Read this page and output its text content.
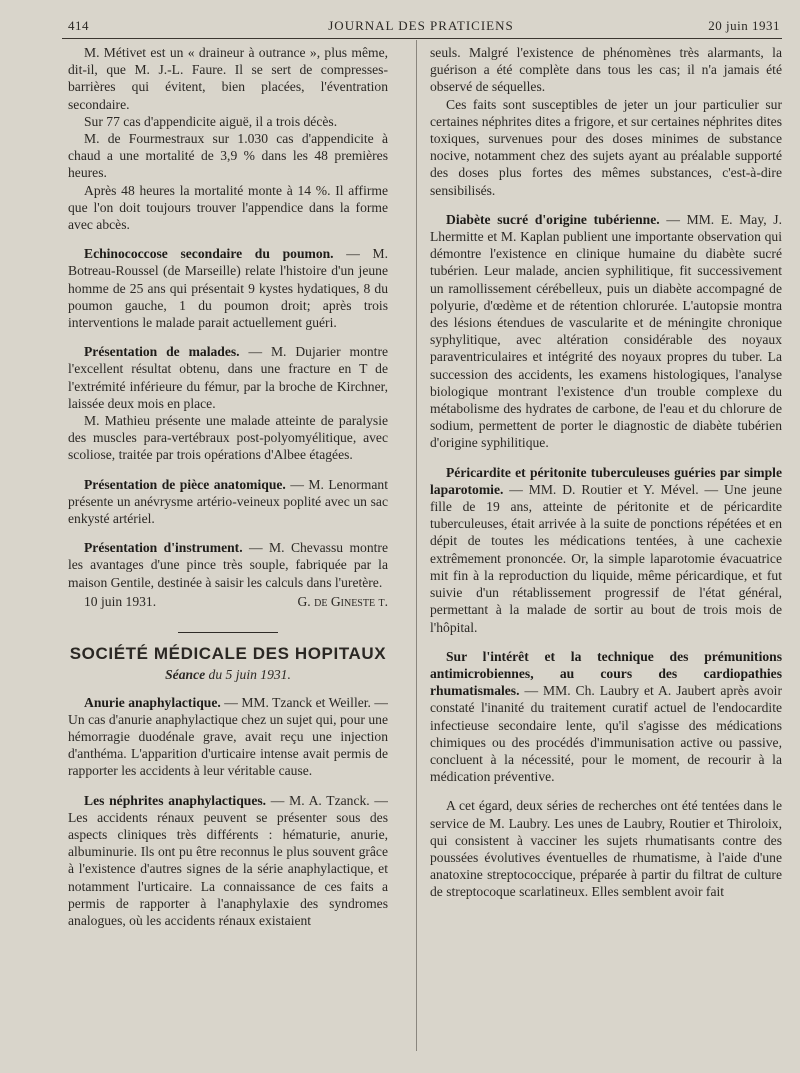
414	JOURNAL DES PRATICIENS	20 juin 1931

M. Métivet est un « draineur à outrance », plus même, dit-il, que M. J.-L. Faure. Il se sert de compresses-barrières qui évitent, bien placées, l'éventration secondaire.

Sur 77 cas d'appendicite aiguë, il a trois décès.

M. de Fourmestraux sur 1.030 cas d'appendicite à chaud a une mortalité de 3,9 % dans les 48 premières heures.

Après 48 heures la mortalité monte à 14 %. Il affirme que l'on doit toujours trouver l'appendice dans la forme avec abcès.

Echinococcose secondaire du poumon. — M. Botreau-Roussel (de Marseille) relate l'histoire d'un jeune homme de 25 ans qui présentait 9 kystes hydatiques, 8 du poumon gauche, 1 du poumon droit; après trois interventions le malade parait actuellement guéri.

Présentation de malades. — M. Dujarier montre l'excellent résultat obtenu, dans une fracture en T de l'extrémité inférieure du fémur, par la broche de Kirchner, laissée deux mois en place.

M. Mathieu présente une malade atteinte de paralysie des muscles para-vertébraux post-polyomyélitique, avec scoliose, traitée par trois opérations d'Albee étagées.

Présentation de pièce anatomique. — M. Lenormant présente un anévrysme artério-veineux poplité avec un sac enkysté artériel.

Présentation d'instrument. — M. Chevassu montre les avantages d'une pince très souple, fabriquée par la maison Gentile, destinée à saisir les calculs dans l'uretère.

10 juin 1931.	G. de Gineste t.
SOCIÉTÉ MÉDICALE DES HOPITAUX
Séance du 5 juin 1931.

Anurie anaphylactique. — MM. Tzanck et Weiller. — Un cas d'anurie anaphylactique chez un sujet qui, pour une hémorragie duodénale grave, avait reçu une injection d'anthéma. L'apparition d'urticaire intense avait permis de rapporter les accidents à leur véritable cause.

Les néphrites anaphylactiques. — M. A. Tzanck. — Les accidents rénaux peuvent se présenter sous des aspects cliniques très différents : hématurie, anurie, albuminurie. Ils ont pu être reconnus le plus souvent grâce à l'existence d'autres signes de la série anaphylactique, et notamment l'urticaire. La connaissance de ces faits a permis de rapporter à l'anaphylaxie des syndromes analogues, où les accidents rénaux existaient

seuls. Malgré l'existence de phénomènes très alarmants, la guérison a été complète dans tous les cas; il n'a jamais été observé de séquelles.

Ces faits sont susceptibles de jeter un jour particulier sur certaines néphrites dites a frigore, et sur certaines néphrites dites toxiques, survenues pour des doses minimes de substance nocive, notamment chez des sujets ayant au préalable supporté des doses plus fortes des mêmes substances, c'est-à-dire sensibilisés.

Diabète sucré d'origine tubérienne. — MM. E. May, J. Lhermitte et M. Kaplan publient une importante observation qui démontre l'existence en clinique humaine du diabète sucré tubérien. Leur malade, ancien syphilitique, fit successivement un ramollissement cérébelleux, puis un diabète accompagné de polyurie, d'œdème et de rétention chlorurée. L'autopsie montra des lésions étendues de vascularite et de méningite chronique syphylitique, avec altération considérable des noyaux paraventriculaires et intégrité des noyaux propres du tuber. La succession des accidents, les examens histologiques, l'analyse biologique montrant l'existence d'un trouble complexe du métabolisme des hydrates de carbone, de l'eau et du chlorure de sodium, permettent de porter le diagnostic de diabète tubérien d'origine syphilitique.

Péricardite et péritonite tuberculeuses guéries par simple laparotomie. — MM. D. Routier et Y. Mével. — Une jeune fille de 19 ans, atteinte de péritonite et de péricardite tuberculeuses, était arrivée à la suite de ponctions répétées et en dépit de toutes les médications tentées, à une cachexie extrêmement prononcée. Or, la simple laparotomie évacuatrice mit fin à la reproduction du liquide, même péricardique, et fut suivie d'un rétablissement progressif de l'état général, permettant à la malade de sortir au bout de trois mois de l'hôpital.

Sur l'intérêt et la technique des prémunitions antimicrobiennes, au cours des cardiopathies rhumatismales. — MM. Ch. Laubry et A. Jaubert après avoir constaté l'inanité du traitement curatif actuel de l'endocardite infectieuse secondaire lente, qu'il s'agisse des médications chimiques ou des procédés d'immunisation active ou passive, concluent à la nécessité, pour le moment, de recourir à la médication préventive.

A cet égard, deux séries de recherches ont été tentées dans le service de M. Laubry. Les unes de Laubry, Routier et Thiroloix, qui consistent à vacciner les sujets rhumatisants contre des poussées évolutives éventuelles de rhumatisme, à l'aide d'une anatoxine streptococcique, préparée à partir du filtrat de culture de streptocoque scarlatineux. Elles semblent avoir fait
